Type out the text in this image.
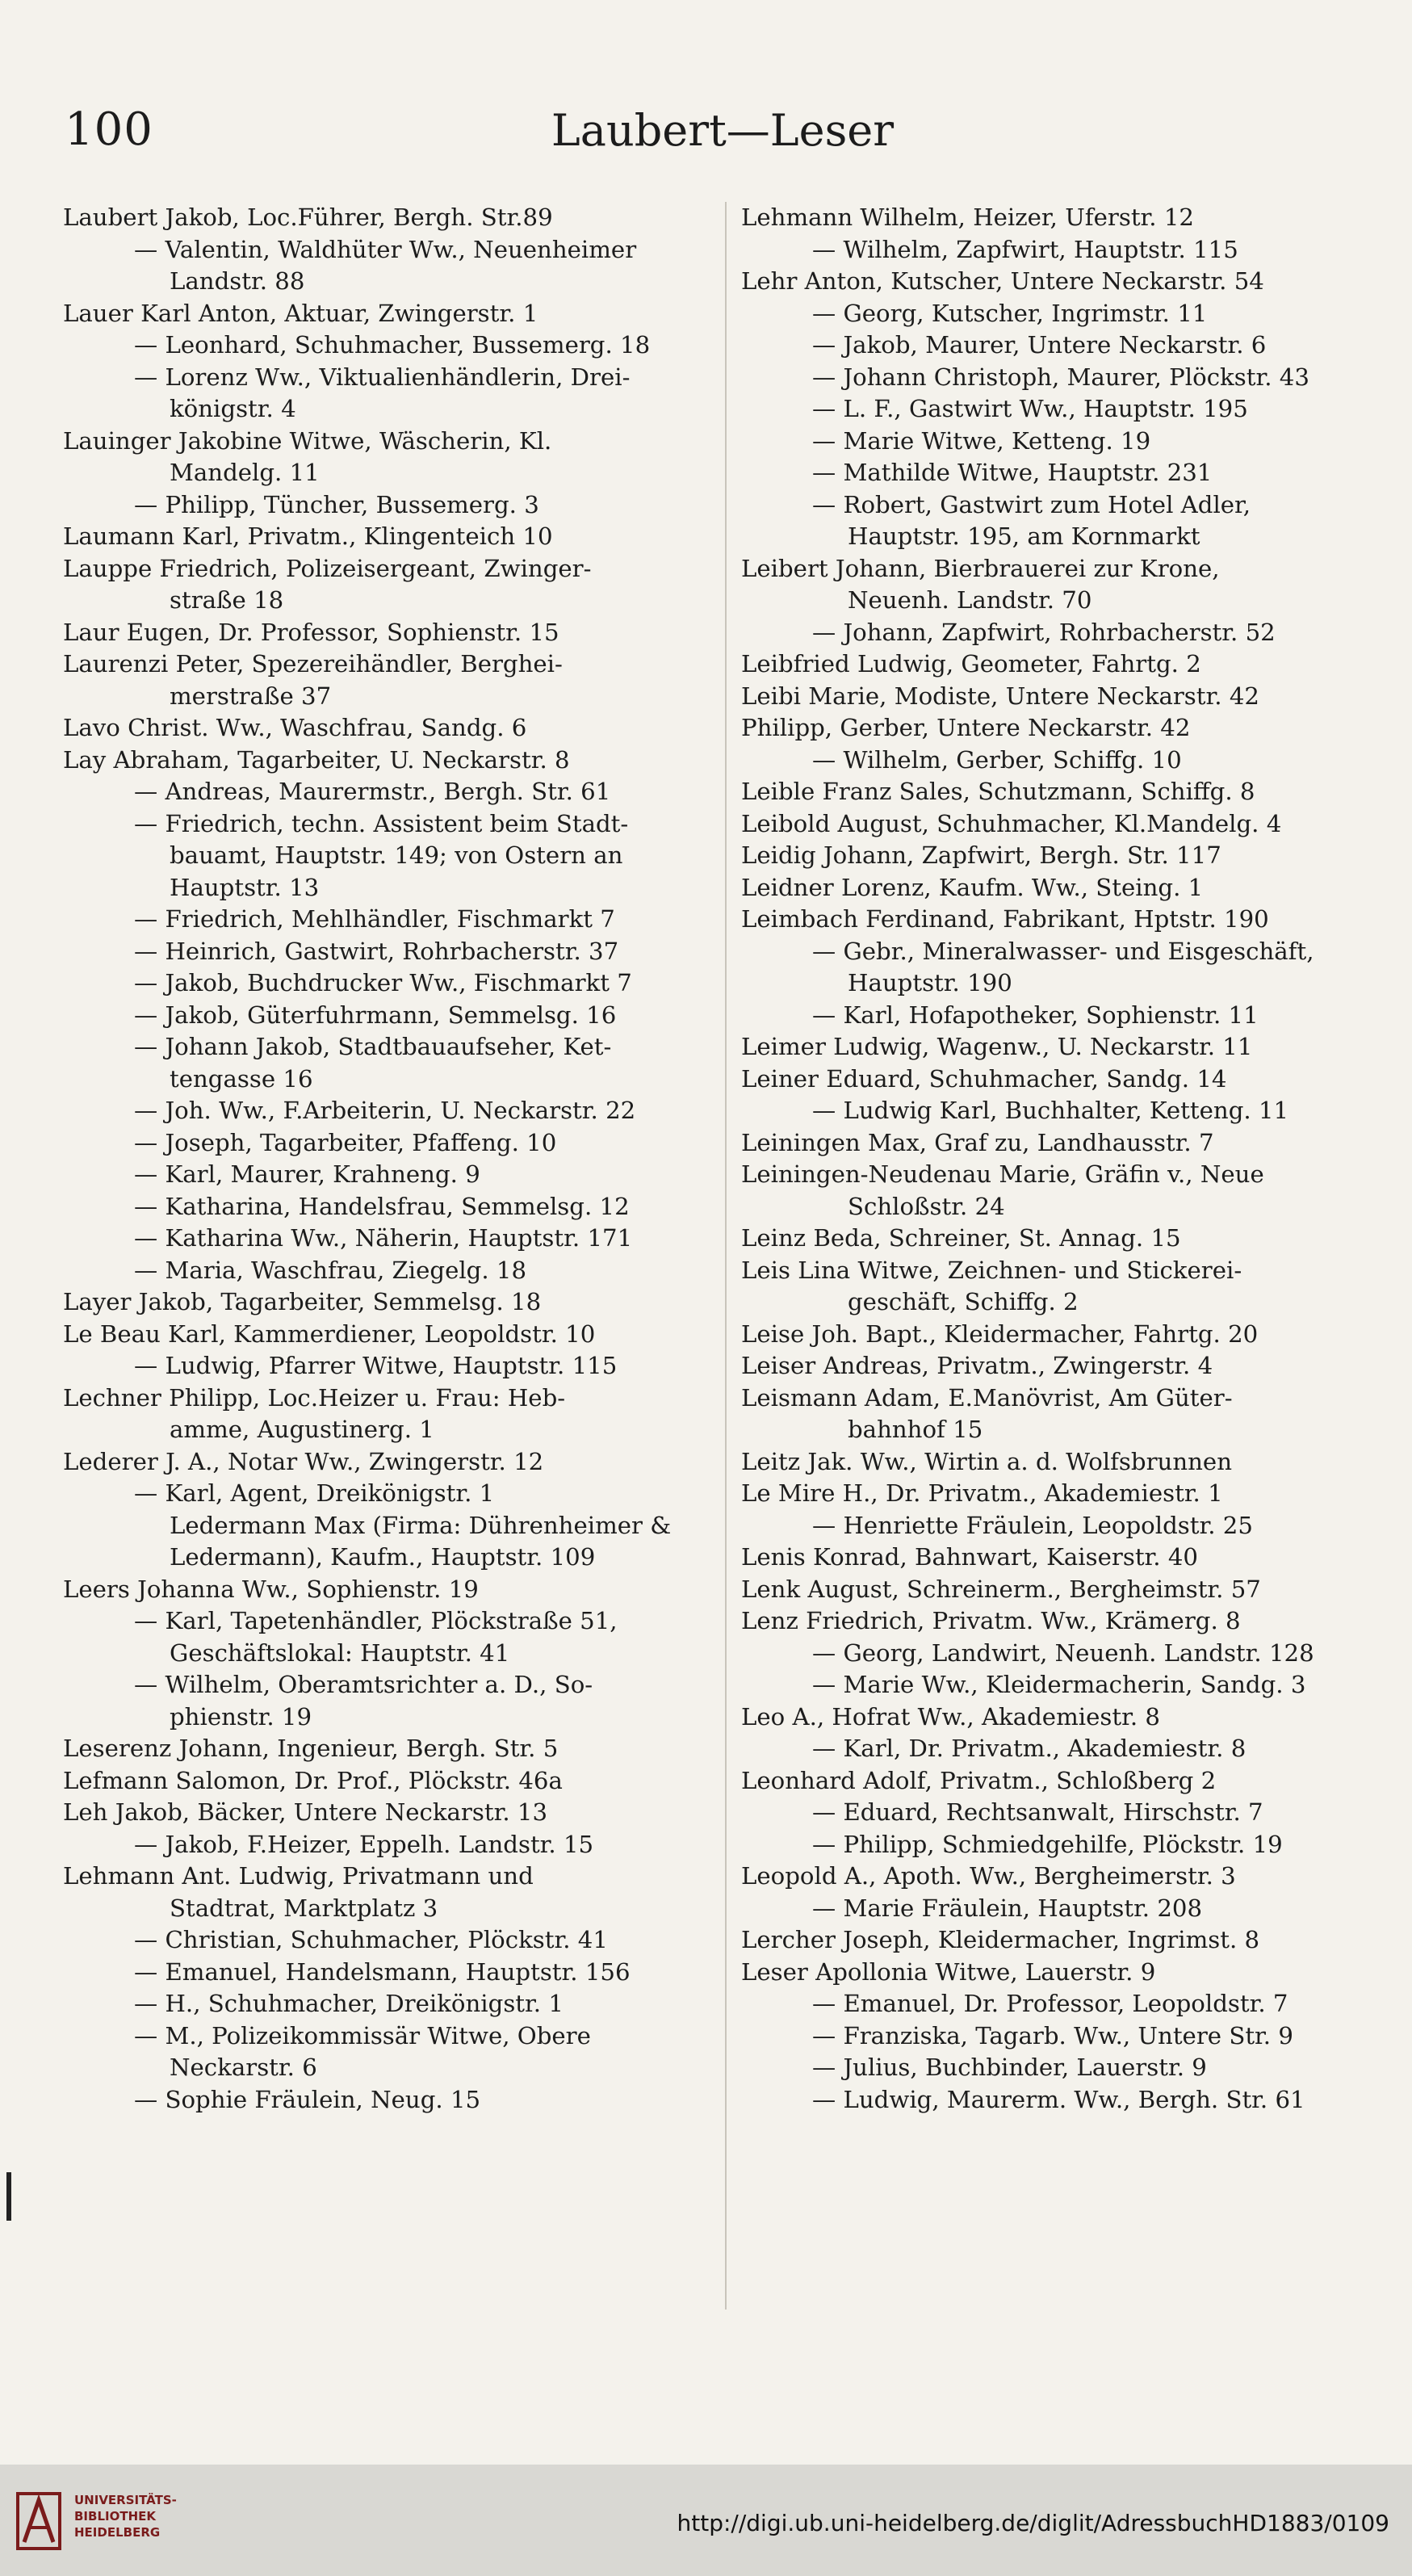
100	Laubert—Leser
Laubert Jakob, Loc.Führer, Bergh. Str.89
— Valentin, Waldhüter Ww., Neuenheimer
Landstr. 88
Lauer Karl Anton, Aktuar, Zwingerstr. 1
— Leonhard, Schuhmacher, Bussemerg. 18
— Lorenz Ww., Viktualienhändlerin, Drei-
königstr. 4
Lauinger Jakobine Witwe, Wäscherin, Kl.
Mandelg. 11
— Philipp, Tüncher, Bussemerg. 3
Laumann Karl, Privatm., Klingenteich 10
Lauppe Friedrich, Polizeisergeant, Zwinger-
straße 18
Laur Eugen, Dr. Professor, Sophienstr. 15
Laurenzi Peter, Spezereihändler, Berghei-
merstraße 37
Lavo Christ. Ww., Waschfrau, Sandg. 6
Lay Abraham, Tagarbeiter, U. Neckarstr. 8
— Andreas, Maurermstr., Bergh. Str. 61
— Friedrich, techn. Assistent beim Stadt-
bauamt, Hauptstr. 149; von Ostern an
Hauptstr. 13
— Friedrich, Mehlhändler, Fischmarkt 7
— Heinrich, Gastwirt, Rohrbacherstr. 37
— Jakob, Buchdrucker Ww., Fischmarkt 7
— Jakob, Güterfuhrmann, Semmelsg. 16
— Johann Jakob, Stadtbauaufseher, Ket-
tengasse 16
— Joh. Ww., F.Arbeiterin, U. Neckarstr. 22
— Joseph, Tagarbeiter, Pfaffeng. 10
— Karl, Maurer, Krahneng. 9
— Katharina, Handelsfrau, Semmelsg. 12
— Katharina Ww., Näherin, Hauptstr. 171
— Maria, Waschfrau, Ziegelg. 18
Layer Jakob, Tagarbeiter, Semmelsg. 18
Le Beau Karl, Kammerdiener, Leopoldstr. 10
— Ludwig, Pfarrer Witwe, Hauptstr. 115
Lechner Philipp, Loc.Heizer u. Frau: Heb-
amme, Augustinerg. 1
Lederer J. A., Notar Ww., Zwingerstr. 12
— Karl, Agent, Dreikönigstr. 1
Ledermann Max (Firma: Dührenheimer &
Ledermann), Kaufm., Hauptstr. 109
Leers Johanna Ww., Sophienstr. 19
— Karl, Tapetenhändler, Plöckstraße 51,
Geschäftslokal: Hauptstr. 41
— Wilhelm, Oberamtsrichter a. D., So-
phienstr. 19
Leserenz Johann, Ingenieur, Bergh. Str. 5
Lefmann Salomon, Dr. Prof., Plöckstr. 46a
Leh Jakob, Bäcker, Untere Neckarstr. 13
— Jakob, F.Heizer, Eppelh. Landstr. 15
Lehmann Ant. Ludwig, Privatmann und
Stadtrat, Marktplatz 3
— Christian, Schuhmacher, Plöckstr. 41
— Emanuel, Handelsmann, Hauptstr. 156
— H., Schuhmacher, Dreikönigstr. 1
— M., Polizeikommissär Witwe, Obere
Neckarstr. 6
— Sophie Fräulein, Neug. 15
Lehmann Wilhelm, Heizer, Uferstr. 12
— Wilhelm, Zapfwirt, Hauptstr. 115
Lehr Anton, Kutscher, Untere Neckarstr. 54
— Georg, Kutscher, Ingrimstr. 11
— Jakob, Maurer, Untere Neckarstr. 6
— Johann Christoph, Maurer, Plöckstr. 43
— L. F., Gastwirt Ww., Hauptstr. 195
— Marie Witwe, Ketteng. 19
— Mathilde Witwe, Hauptstr. 231
— Robert, Gastwirt zum Hotel Adler,
Hauptstr. 195, am Kornmarkt
Leibert Johann, Bierbrauerei zur Krone,
Neuenh. Landstr. 70
— Johann, Zapfwirt, Rohrbacherstr. 52
Leibfried Ludwig, Geometer, Fahrtg. 2
Leibi Marie, Modiste, Untere Neckarstr. 42
Philipp, Gerber, Untere Neckarstr. 42
— Wilhelm, Gerber, Schiffg. 10
Leible Franz Sales, Schutzmann, Schiffg. 8
Leibold August, Schuhmacher, Kl.Mandelg. 4
Leidig Johann, Zapfwirt, Bergh. Str. 117
Leidner Lorenz, Kaufm. Ww., Steing. 1
Leimbach Ferdinand, Fabrikant, Hptstr. 190
— Gebr., Mineralwasser- und Eisgeschäft,
Hauptstr. 190
— Karl, Hofapotheker, Sophienstr. 11
Leimer Ludwig, Wagenw., U. Neckarstr. 11
Leiner Eduard, Schuhmacher, Sandg. 14
— Ludwig Karl, Buchhalter, Ketteng. 11
Leiningen Max, Graf zu, Landhausstr. 7
Leiningen-Neudenau Marie, Gräfin v., Neue
Schloßstr. 24
Leinz Beda, Schreiner, St. Annag. 15
Leis Lina Witwe, Zeichnen- und Stickerei-
geschäft, Schiffg. 2
Leise Joh. Bapt., Kleidermacher, Fahrtg. 20
Leiser Andreas, Privatm., Zwingerstr. 4
Leismann Adam, E.Manövrist, Am Güter-
bahnhof 15
Leitz Jak. Ww., Wirtin a. d. Wolfsbrunnen
Le Mire H., Dr. Privatm., Akademiestr. 1
— Henriette Fräulein, Leopoldstr. 25
Lenis Konrad, Bahnwart, Kaiserstr. 40
Lenk August, Schreinerm., Bergheimstr. 57
Lenz Friedrich, Privatm. Ww., Krämerg. 8
— Georg, Landwirt, Neuenh. Landstr. 128
— Marie Ww., Kleidermacherin, Sandg. 3
Leo A., Hofrat Ww., Akademiestr. 8
— Karl, Dr. Privatm., Akademiestr. 8
Leonhard Adolf, Privatm., Schloßberg 2
— Eduard, Rechtsanwalt, Hirschstr. 7
— Philipp, Schmiedgehilfe, Plöckstr. 19
Leopold A., Apoth. Ww., Bergheimerstr. 3
— Marie Fräulein, Hauptstr. 208
Lercher Joseph, Kleidermacher, Ingrimst. 8
Leser Apollonia Witwe, Lauerstr. 9
— Emanuel, Dr. Professor, Leopoldstr. 7
— Franziska, Tagarb. Ww., Untere Str. 9
— Julius, Buchbinder, Lauerstr. 9
— Ludwig, Maurerm. Ww., Bergh. Str. 61
UNIVERSITÄTS-
BIBLIOTHEK
HEIDELBERG	http://digi.ub.uni-heidelberg.de/diglit/AdressbuchHD1883/0109
